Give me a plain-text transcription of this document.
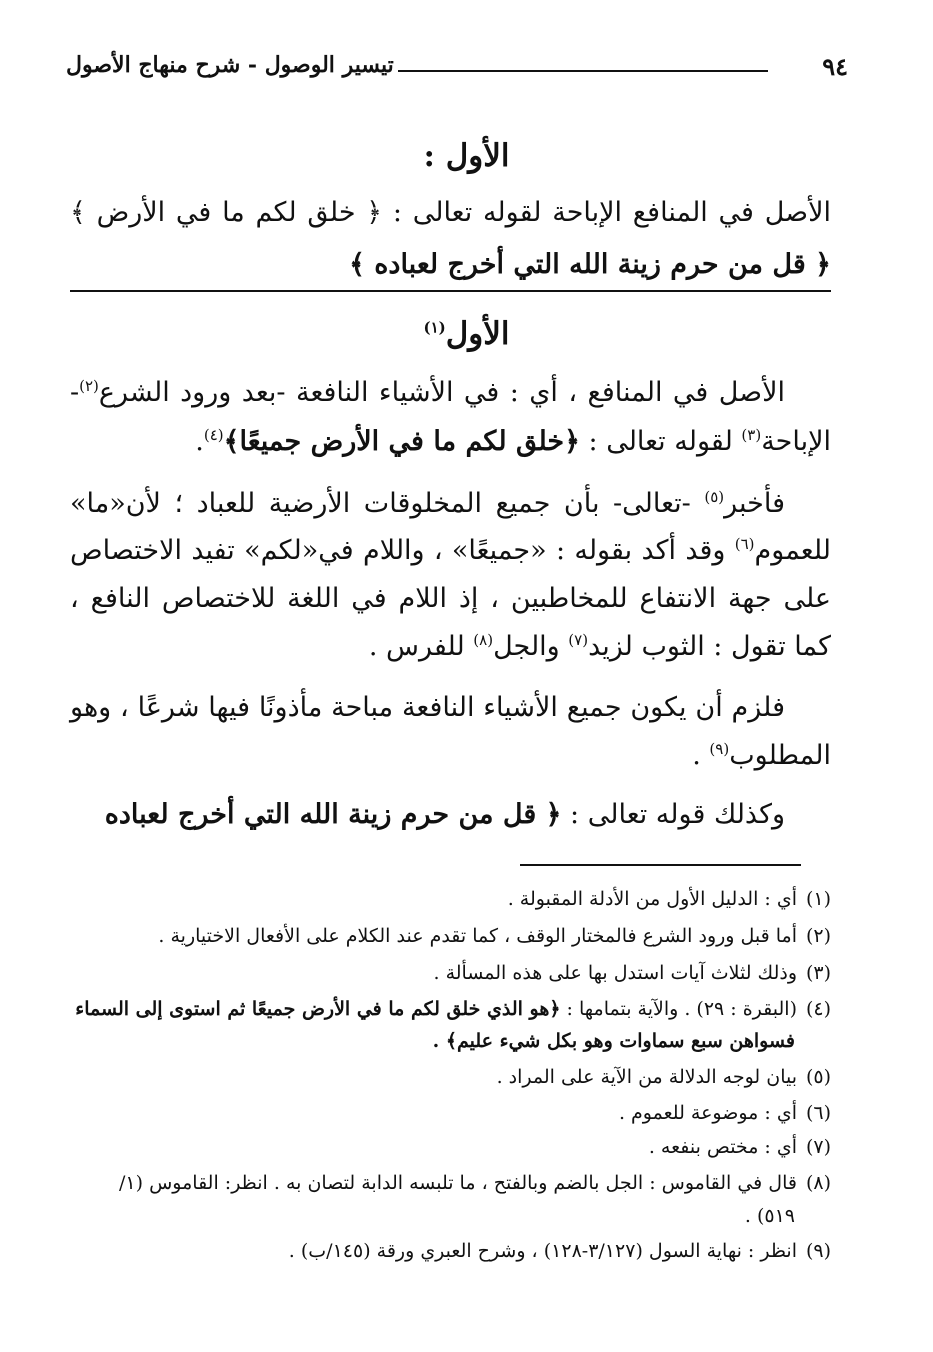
تيسير الوصول - شرح منهاج الأصول	٩٤
الأول :
الأصل في المنافع الإباحة لقوله تعالى : ﴿ خلق لكم ما في الأرض ﴾
﴿ قل من حرم زينة الله التي أخرج لعباده ﴾
الأول$^{(١)}$
الأصل في المنافع ، أي : في الأشياء النافعة -بعد ورود الشرع$^{(٢)}$-
الإباحة$^{(٣)}$ لقوله تعالى : ﴿خلق لكم ما في الأرض جميعًا﴾$^{(٤)}$.
فأخبر$^{(٥)}$ -تعالى- بأن جميع المخلوقات الأرضية للعباد ؛ لأن«ما»
للعموم$^{(٦)}$ وقد أكد بقوله : «جميعًا» ، واللام في«لكم» تفيد الاختصاص
على جهة الانتفاع للمخاطبين ، إذ اللام في اللغة للاختصاص النافع ،
كما تقول : الثوب لزيد$^{(٧)}$ والجل$^{(٨)}$ للفرس .
فلزم أن يكون جميع الأشياء النافعة مباحة مأذونًا فيها شرعًا ، وهو
المطلوب$^{(٩)}$ .
وكذلك قوله تعالى : ﴿ قل من حرم زينة الله التي أخرج لعباده
(١)أي : الدليل الأول من الأدلة المقبولة .
(٢)أما قبل ورود الشرع فالمختار الوقف ، كما تقدم عند الكلام على الأفعال الاختيارية .
(٣)وذلك لثلاث آيات استدل بها على هذه المسألة .
(٤)(البقرة : ٢٩) . والآية بتمامها : ﴿هو الذي خلق لكم ما في الأرض جميعًا ثم استوى إلى السماء
فسواهن سبع سماوات وهو بكل شيء عليم﴾ .
(٥)بيان لوجه الدلالة من الآية على المراد .
(٦)أي : موضوعة للعموم .
(٧)أي : مختص بنفعه .
(٨)قال في القاموس : الجل بالضم وبالفتح ، ما تلبسه الدابة لتصان به . انظر: القاموس (١/
٥١٩) .
(٩)انظر : نهاية السول (٣/١٢٧-١٢٨) ، وشرح العبري ورقة (١٤٥/ب) .
